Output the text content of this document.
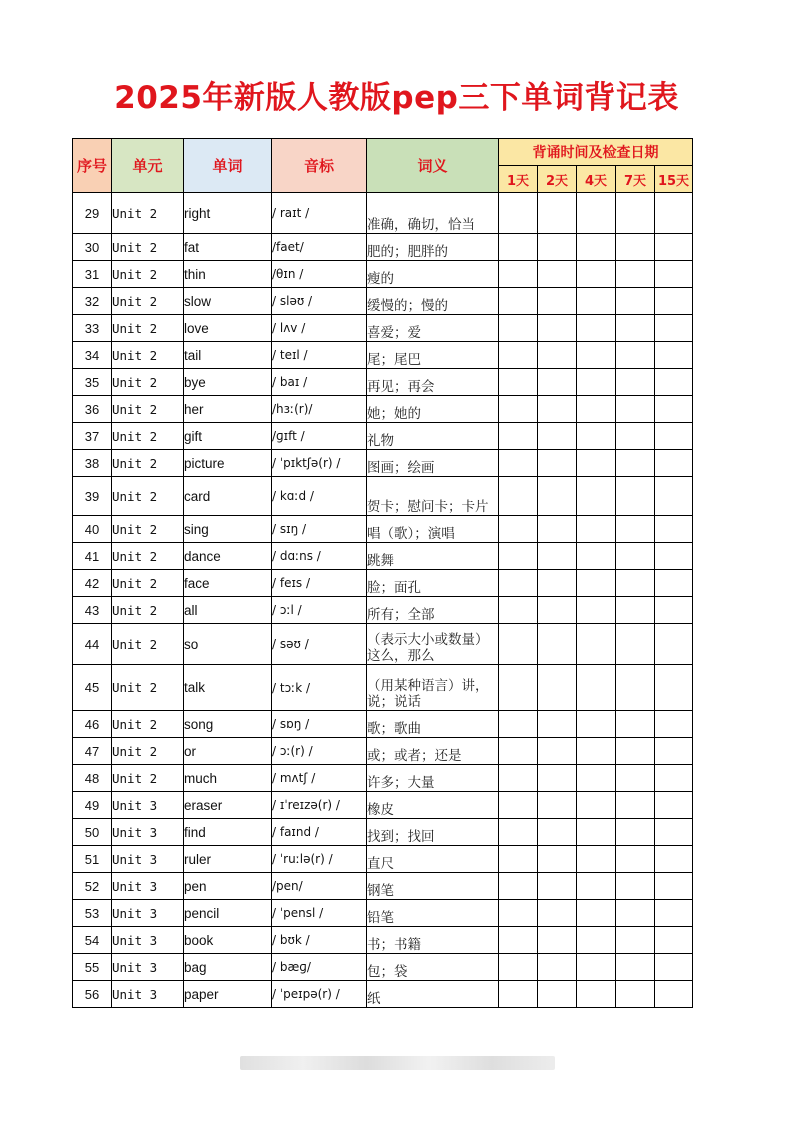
2025年新版人教版pep三下单词背记表
序号	单元	单词	音标	词义	背诵时间及检查日期				
					1天	2天	4天	7天	15天
29	Unit 2	right	/ raɪt /	准确，确切，恰当					
30	Unit 2	fat	/faet/	肥的；肥胖的					
31	Unit 2	thin	/θɪn /	瘦的					
32	Unit 2	slow	/ sləʊ /	缓慢的；慢的					
33	Unit 2	love	/ lʌv /	喜爱；爱					
34	Unit 2	tail	/ teɪl /	尾；尾巴					
35	Unit 2	bye	/ baɪ /	再见；再会					
36	Unit 2	her	/hɜː(r)/	她；她的					
37	Unit 2	gift	/ɡɪft /	礼物					
38	Unit 2	picture	/ ˈpɪktʃə(r) /	图画；绘画					
39	Unit 2	card	/ kɑːd /	贺卡；慰问卡；卡片					
40	Unit 2	sing	/ sɪŋ /	唱（歌）；演唱					
41	Unit 2	dance	/ dɑːns /	跳舞					
42	Unit 2	face	/ feɪs /	脸；面孔					
43	Unit 2	all	/ ɔːl /	所有；全部					
44	Unit 2	so	/ səʊ /	（表示大小或数量）这么，那么					
45	Unit 2	talk	/ tɔːk /	（用某种语言）讲，说；说话					
46	Unit 2	song	/ sɒŋ /	歌；歌曲					
47	Unit 2	or	/ ɔː(r) /	或；或者；还是					
48	Unit 2	much	/ mʌtʃ /	许多；大量					
49	Unit 3	eraser	/ ɪˈreɪzə(r) /	橡皮					
50	Unit 3	find	/ faɪnd /	找到；找回					
51	Unit 3	ruler	/ ˈruːlə(r) /	直尺					
52	Unit 3	pen	/pen/	钢笔					
53	Unit 3	pencil	/ ˈpensl /	铅笔					
54	Unit 3	book	/ bʊk /	书；书籍					
55	Unit 3	bag	/ bæɡ/	包；袋					
56	Unit 3	paper	/ ˈpeɪpə(r) /	纸					
